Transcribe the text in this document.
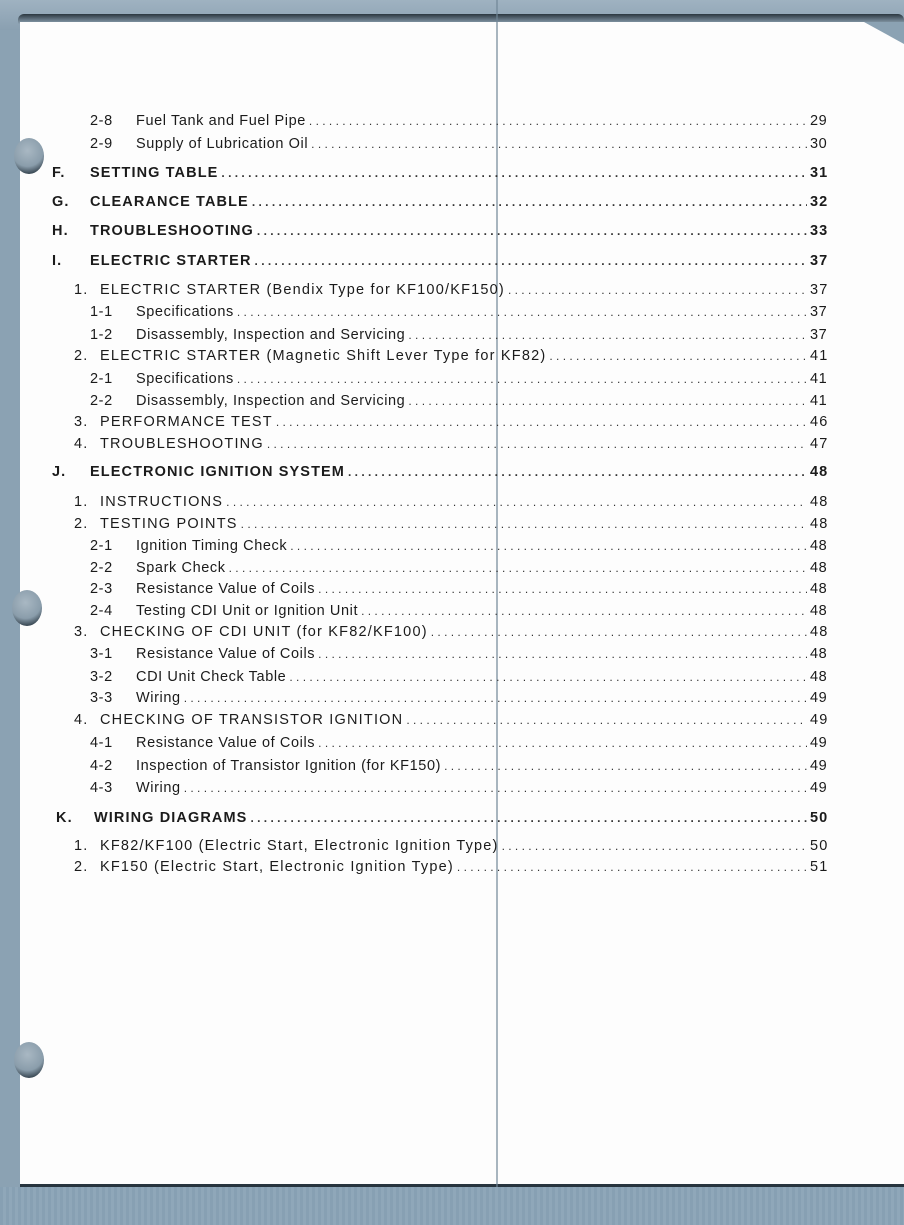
2-8	Fuel Tank and Fuel Pipe . . .	29
2-9	Supply of Lubrication Oil . . .	30
F.	SETTING TABLE . . .	31
G.	CLEARANCE TABLE . . .	32
H.	TROUBLESHOOTING . . .	33
I.	ELECTRIC STARTER . . .	37
1. ELECTRIC STARTER (Bendix Type for KF100/KF150) . . .	37
1-1	Specifications . . .	37
1-2	Disassembly, Inspection and Servicing . . .	37
2. ELECTRIC STARTER (Magnetic Shift Lever Type for KF82) . . .	41
2-1	Specifications . . .	41
2-2	Disassembly, Inspection and Servicing . . .	41
3. PERFORMANCE TEST . . .	46
4. TROUBLESHOOTING . . .	47
J.	ELECTRONIC IGNITION SYSTEM . . .	48
1. INSTRUCTIONS . . .	48
2. TESTING POINTS . . .	48
2-1	Ignition Timing Check . . .	48
2-2	Spark Check . . .	48
2-3	Resistance Value of Coils . . .	48
2-4	Testing CDI Unit or Ignition Unit . . .	48
3. CHECKING OF CDI UNIT (for KF82/KF100) . . .	48
3-1	Resistance Value of Coils . . .	48
3-2	CDI Unit Check Table . . .	48
3-3	Wiring . . .	49
4. CHECKING OF TRANSISTOR IGNITION . . .	49
4-1	Resistance Value of Coils . . .	49
4-2	Inspection of Transistor Ignition (for KF150) . . .	49
4-3	Wiring . . .	49
K.	WIRING DIAGRAMS . . .	50
1. KF82/KF100 (Electric Start, Electronic Ignition Type) . . .	50
2. KF150 (Electric Start, Electronic Ignition Type) . . .	51
